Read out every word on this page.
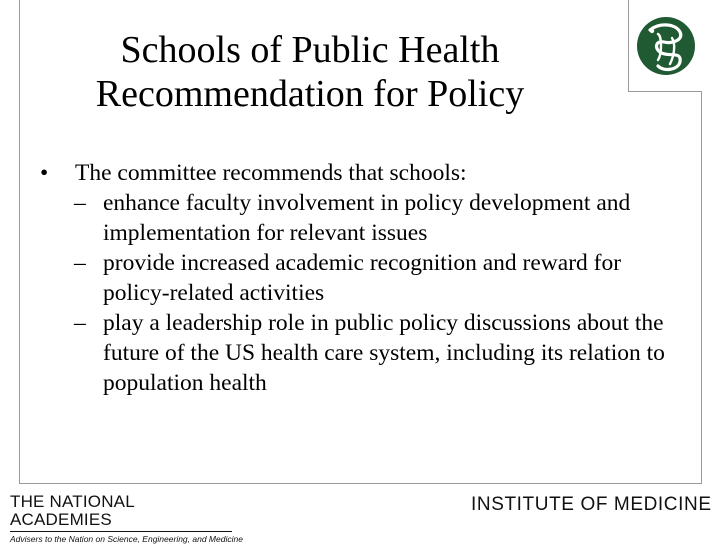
Schools of Public Health
Recommendation for Policy
• The committee recommends that schools:
– enhance faculty involvement in policy development and implementation for relevant issues
– provide increased academic recognition and reward for policy-related activities
– play a leadership role in public policy discussions about the future of the US health care system, including its relation to population health
THE NATIONAL ACADEMIES
Advisers to the Nation on Science, Engineering, and Medicine
INSTITUTE OF MEDICINE
